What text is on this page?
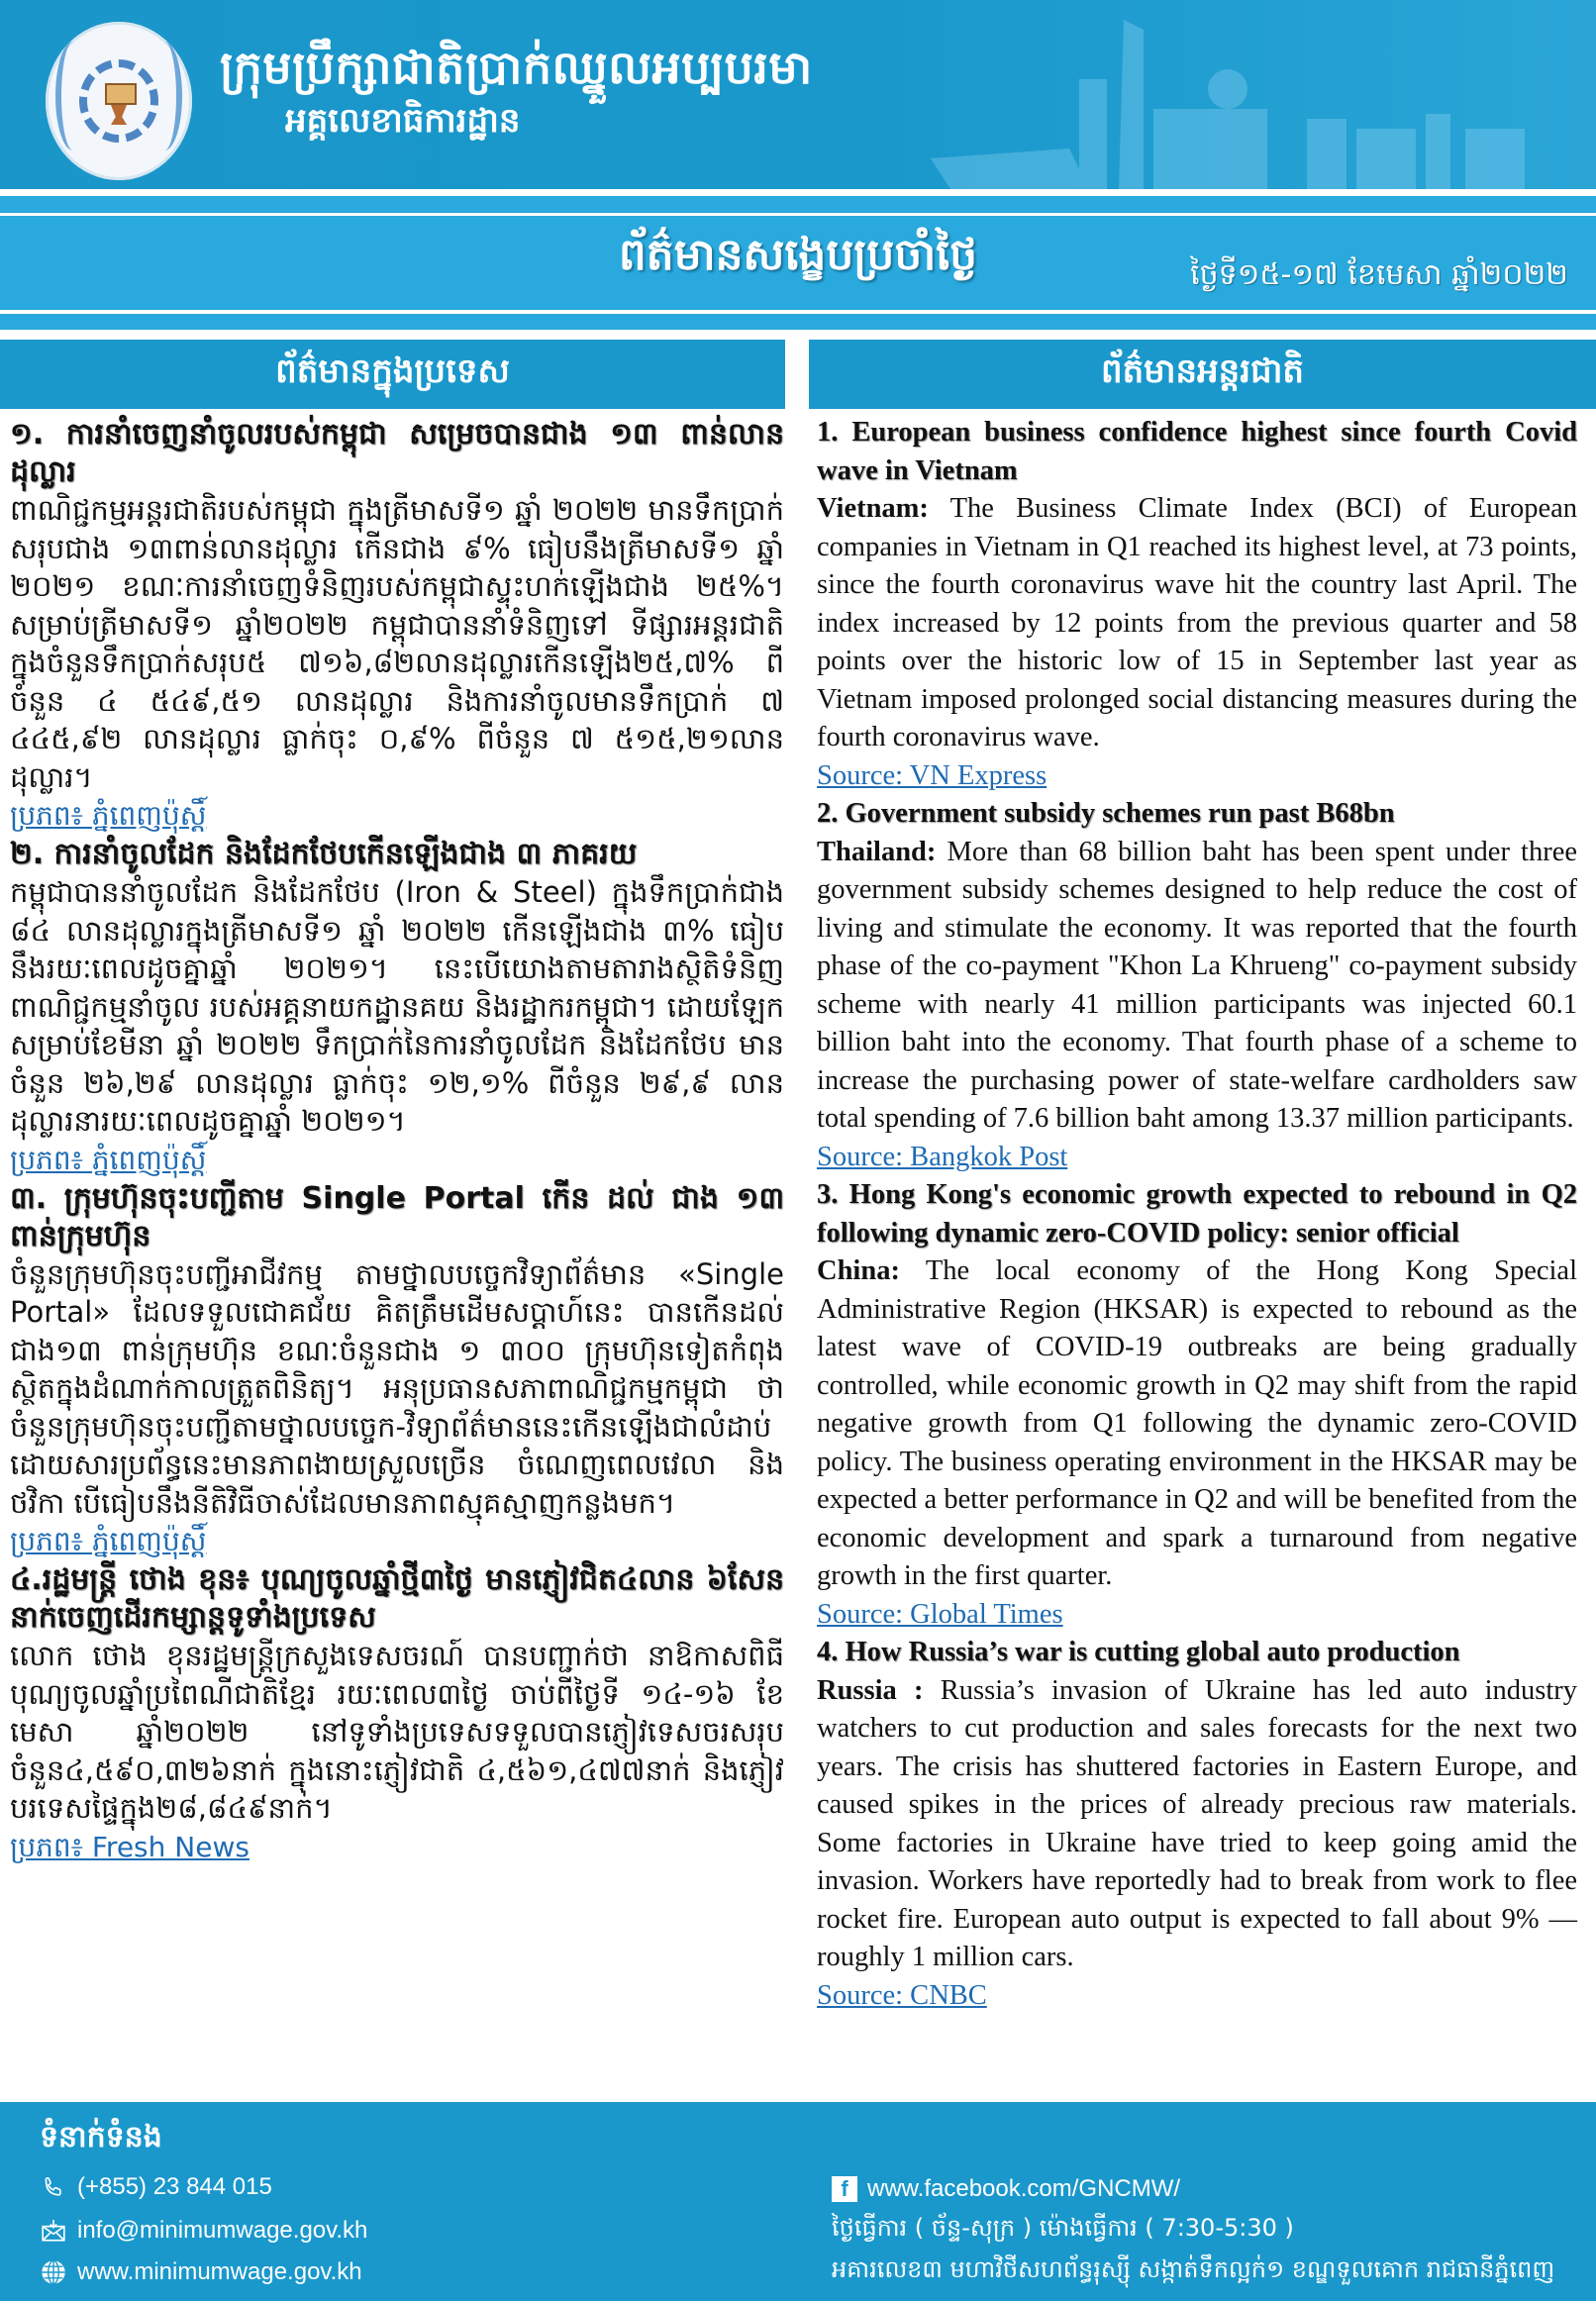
ក្រុមប្រឹក្សាជាតិប្រាក់ឈ្នួលអប្បបរមា
អគ្គលេខាធិការដ្ឋាន
ព័ត៌មានសង្ខេបប្រចាំថ្ងៃ	ថ្ងៃទី១៥-១៧ ខែមេសា ឆ្នាំ២០២២
ព័ត៌មានក្នុងប្រទេស	ព័ត៌មានអន្តរជាតិ
១. ការនាំចេញនាំចូលរបស់កម្ពុជា សម្រេចបានជាង ១៣ ពាន់លានដុល្លារ
ពាណិជ្ជកម្មអន្តរជាតិរបស់កម្ពុជា ក្នុងត្រីមាសទី១ ឆ្នាំ ២០២២ មានទឹកប្រាក់សរុបជាង ១៣ពាន់លានដុល្លារ កើនជាង ៩% ធៀបនឹងត្រីមាសទី១ ឆ្នាំ ២០២១ ខណៈការនាំចេញទំនិញរបស់កម្ពុជាស្ទុះហក់ឡើងជាង ២៥%។ សម្រាប់ត្រីមាសទី១ ឆ្នាំ២០២២ កម្ពុជាបាននាំទំនិញទៅ ទីផ្សារអន្តរជាតិ ក្នុងចំនួនទឹកប្រាក់សរុប៥ ៧១៦,៨២លានដុល្លារកើនឡើង២៥,៧% ពីចំនួន ៤ ៥៤៩,៥១ លានដុល្លារ និងការនាំចូលមានទឹកប្រាក់ ៧ ៤៤៥,៩២ លានដុល្លារ ធ្លាក់ចុះ ០,៩% ពីចំនួន ៧ ៥១៥,២១លានដុល្លារ។
ប្រភព៖ ភ្នំពេញប៉ុស្តិ៍
២. ការនាំចូលដែក និងដែកថែបកើនឡើងជាង ៣ ភាគរយ
កម្ពុជាបាននាំចូលដែក និងដែកថែប (Iron & Steel) ក្នុងទឹកប្រាក់ជាង ៨៤ លានដុល្លារក្នុងត្រីមាសទី១ ឆ្នាំ ២០២២ កើនឡើងជាង ៣% ធៀបនឹងរយៈពេលដូចគ្នាឆ្នាំ ២០២១។ នេះបើយោងតាមតារាងស្ថិតិទំនិញពាណិជ្ជកម្មនាំចូល របស់អគ្គនាយកដ្ឋានគយ និងរដ្ឋាករកម្ពុជា។ ដោយឡែកសម្រាប់ខែមីនា ឆ្នាំ ២០២២ ទឹកប្រាក់នៃការនាំចូលដែក និងដែកថែប មានចំនួន ២៦,២៩ លានដុល្លារ ធ្លាក់ចុះ ១២,១% ពីចំនួន ២៩,៩ លានដុល្លារនារយៈពេលដូចគ្នាឆ្នាំ ២០២១។
ប្រភព៖ ភ្នំពេញប៉ុស្តិ៍
៣. ក្រុមហ៊ុនចុះបញ្ជីតាម Single Portal កើន ដល់ ជាង ១៣ ពាន់ក្រុមហ៊ុន
ចំនួនក្រុមហ៊ុនចុះបញ្ជីអាជីវកម្ម តាមថ្នាលបច្ចេកវិទ្យាព័ត៌មាន «Single Portal» ដែលទទួលជោគជ័យ គិតត្រឹមដើមសប្តាហ៍នេះ បានកើនដល់ជាង១៣ ពាន់ក្រុមហ៊ុន ខណៈចំនួនជាង ១ ៣០០ ក្រុមហ៊ុនទៀតកំពុង ស្ថិតក្នុងដំណាក់កាលត្រួតពិនិត្យ។ អនុប្រធានសភាពាណិជ្ជកម្មកម្ពុជា ថាចំនួនក្រុមហ៊ុនចុះបញ្ជីតាមថ្នាលបច្ចេក-វិទ្យាព័ត៌មាននេះកើនឡើងជាលំដាប់ ដោយសារប្រព័ន្ធនេះមានភាពងាយស្រួលច្រើន ចំណេញពេលវេលា និងថវិកា បើធៀបនឹងនីតិវិធីចាស់ដែលមានភាពស្មុគស្មាញកន្លងមក។
ប្រភព៖ ភ្នំពេញប៉ុស្តិ៍
៤.រដ្ឋមន្ត្រី ថោង ខុន៖ បុណ្យចូលឆ្នាំថ្មី៣ថ្ងៃ មានភ្ញៀវជិត៤លាន ៦សែននាក់ចេញដើរកម្សាន្តទូទាំងប្រទេស
លោក ថោង ខុនរដ្ឋមន្ត្រីក្រសួងទេសចរណ៍ បានបញ្ជាក់ថា នាឱកាសពិធីបុណ្យចូលឆ្នាំប្រពៃណីជាតិខ្មែរ រយៈពេល៣ថ្ងៃ ចាប់ពីថ្ងៃទី ១៤-១៦ ខែមេសា ឆ្នាំ២០២២ នៅទូទាំងប្រទេសទទួលបានភ្ញៀវទេសចរសរុបចំនួន៤,៥៩០,៣២៦នាក់ ក្នុងនោះភ្ញៀវជាតិ ៤,៥៦១,៤៧៧នាក់ និងភ្ញៀវបរទេសផ្ទៃក្នុង២៨,៨៤៩នាក់។
ប្រភព៖ Fresh News
1. European business confidence highest since fourth Covid wave in Vietnam
Vietnam: The Business Climate Index (BCI) of European companies in Vietnam in Q1 reached its highest level, at 73 points, since the fourth coronavirus wave hit the country last April. The index increased by 12 points from the previous quarter and 58 points over the historic low of 15 in September last year as Vietnam imposed prolonged social distancing measures during the fourth coronavirus wave.
Source: VN Express
2. Government subsidy schemes run past B68bn
Thailand: More than 68 billion baht has been spent under three government subsidy schemes designed to help reduce the cost of living and stimulate the economy. It was reported that the fourth phase of the co-payment "Khon La Khrueng" co-payment subsidy scheme with nearly 41 million participants was injected 60.1 billion baht into the economy. That fourth phase of a scheme to increase the purchasing power of state-welfare cardholders saw total spending of 7.6 billion baht among 13.37 million participants.
Source: Bangkok Post
3. Hong Kong's economic growth expected to rebound in Q2 following dynamic zero-COVID policy: senior official
China: The local economy of the Hong Kong Special Administrative Region (HKSAR) is expected to rebound as the latest wave of COVID-19 outbreaks are being gradually controlled, while economic growth in Q2 may shift from the rapid negative growth from Q1 following the dynamic zero-COVID policy. The business operating environment in the HKSAR may be expected a better performance in Q2 and will be benefited from the economic development and spark a turnaround from negative growth in the first quarter.
Source: Global Times
4. How Russia’s war is cutting global auto production
Russia : Russia’s invasion of Ukraine has led auto industry watchers to cut production and sales forecasts for the next two years. The crisis has shuttered factories in Eastern Europe, and caused spikes in the prices of already precious raw materials. Some factories in Ukraine have tried to keep going amid the invasion. Workers have reportedly had to break from work to flee rocket fire. European auto output is expected to fall about 9% —roughly 1 million cars.
Source: CNBC
ទំនាក់ទំនង
(+855) 23 844 015
info@minimumwage.gov.kh
www.minimumwage.gov.kh
f www.facebook.com/GNCMW/
ថ្ងៃធ្វើការ ( ច័ន្ទ-សុក្រ ) ម៉ោងធ្វើការ ( 7:30-5:30 )
អគារលេខ៣ មហាវិថីសហព័ន្ធរុស្ស៊ី សង្កាត់ទឹកល្អក់១ ខណ្ឌទួលគោក រាជធានីភ្នំពេញ
